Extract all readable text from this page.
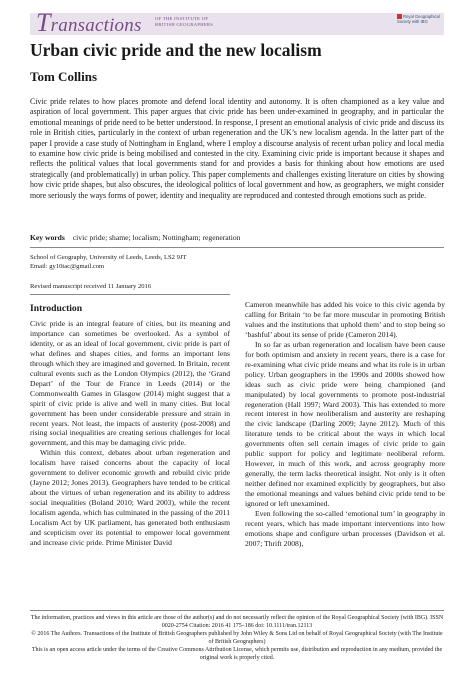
Transactions	OF THE INSTITUTE OF BRITISH GEOGRAPHERS
Royal Geographical Society with IBG
Urban civic pride and the new localism
Tom Collins

Civic pride relates to how places promote and defend local identity and autonomy. It is often championed as a key value and aspiration of local government. This paper argues that civic pride has been under-examined in geography, and in particular the emotional meanings of pride need to be better understood. In response, I present an emotional analysis of civic pride and discuss its role in British cities, particularly in the context of urban regeneration and the UK’s new localism agenda. In the latter part of the paper I provide a case study of Nottingham in England, where I employ a discourse analysis of recent urban policy and local media to examine how civic pride is being mobilised and contested in the city. Examining civic pride is important because it shapes and reflects the political values that local governments stand for and provides a basis for thinking about how emotions are used strategically (and problematically) in urban policy. This paper complements and challenges existing literature on cities by showing how civic pride shapes, but also obscures, the ideological politics of local government and how, as geographers, we might consider more seriously the ways forms of power, identity and inequality are reproduced and contested through emotions such as pride.

Key words civic pride; shame; localism; Nottingham; regeneration
School of Geography, University of Leeds, Leeds, LS2 9JT
Email: gy10tac@gmail.com
Revised manuscript received 11 January 2016
Introduction

Civic pride is an integral feature of cities, but its meaning and importance can sometimes be overlooked. As a symbol of identity, or as an ideal of local government, civic pride is part of what defines and shapes cities, and forms an important lens through which they are imagined and governed. In Britain, recent cultural events such as the London Olympics (2012), the ‘Grand Depart’ of the Tour de France in Leeds (2014) or the Commonwealth Games in Glasgow (2014) might suggest that a spirit of civic pride is alive and well in many cities. But local government has been under considerable pressure and strain in recent years. Not least, the impacts of austerity (post-2008) and rising social inequalities are creating serious challenges for local government, and this may be damaging civic pride.

Within this context, debates about urban regeneration and localism have raised concerns about the capacity of local government to deliver economic growth and rebuild civic pride (Jayne 2012; Jones 2013). Geographers have tended to be critical about the virtues of urban regeneration and its ability to address social inequalities (Boland 2010; Ward 2003), while the recent localism agenda, which has culminated in the passing of the 2011 Localism Act by UK parliament, has generated both enthusiasm and scepticism over its potential to empower local government and increase civic pride. Prime Minister David

Cameron meanwhile has added his voice to this civic agenda by calling for Britain ‘to be far more muscular in promoting British values and the institutions that uphold them’ and to stop being so ‘bashful’ about its sense of pride (Cameron 2014).

In so far as urban regeneration and localism have been cause for both optimism and anxiety in recent years, there is a case for re-examining what civic pride means and what its role is in urban policy. Urban geographers in the 1990s and 2000s showed how ideas such as civic pride were being championed (and manipulated) by local governments to promote post-industrial regeneration (Hall 1997; Ward 2003). This has extended to more recent interest in how neoliberalism and austerity are reshaping the civic landscape (Darling 2009; Jayne 2012). Much of this literature tends to be critical about the ways in which local governments often sell certain images of civic pride to gain public support for policy and legitimate neoliberal reform. However, in much of this work, and across geography more generally, the term lacks theoretical insight. Not only is it often neither defined nor examined explicitly by geographers, but also the emotional meanings and values behind civic pride tend to be ignored or left unexamined.

Even following the so-called ‘emotional turn’ in geography in recent years, which has made important interventions into how emotions shape and configure urban processes (Davidson et al. 2007; Thrift 2008),

The information, practices and views in this article are those of the author(s) and do not necessarily reflect the opinion of the Royal Geographical Society (with IBG). ISSN 0020-2754 Citation: 2016 41 175–186 doi: 10.1111/tran.12113
© 2016 The Authors. Transactions of the Institute of British Geographers published by John Wiley & Sons Ltd on behalf of Royal Geographical Society (with The Institute of British Geographers)
This is an open access article under the terms of the Creative Commons Attribution License, which permits use, distribution and reproduction in any medium, provided the original work is properly cited.
